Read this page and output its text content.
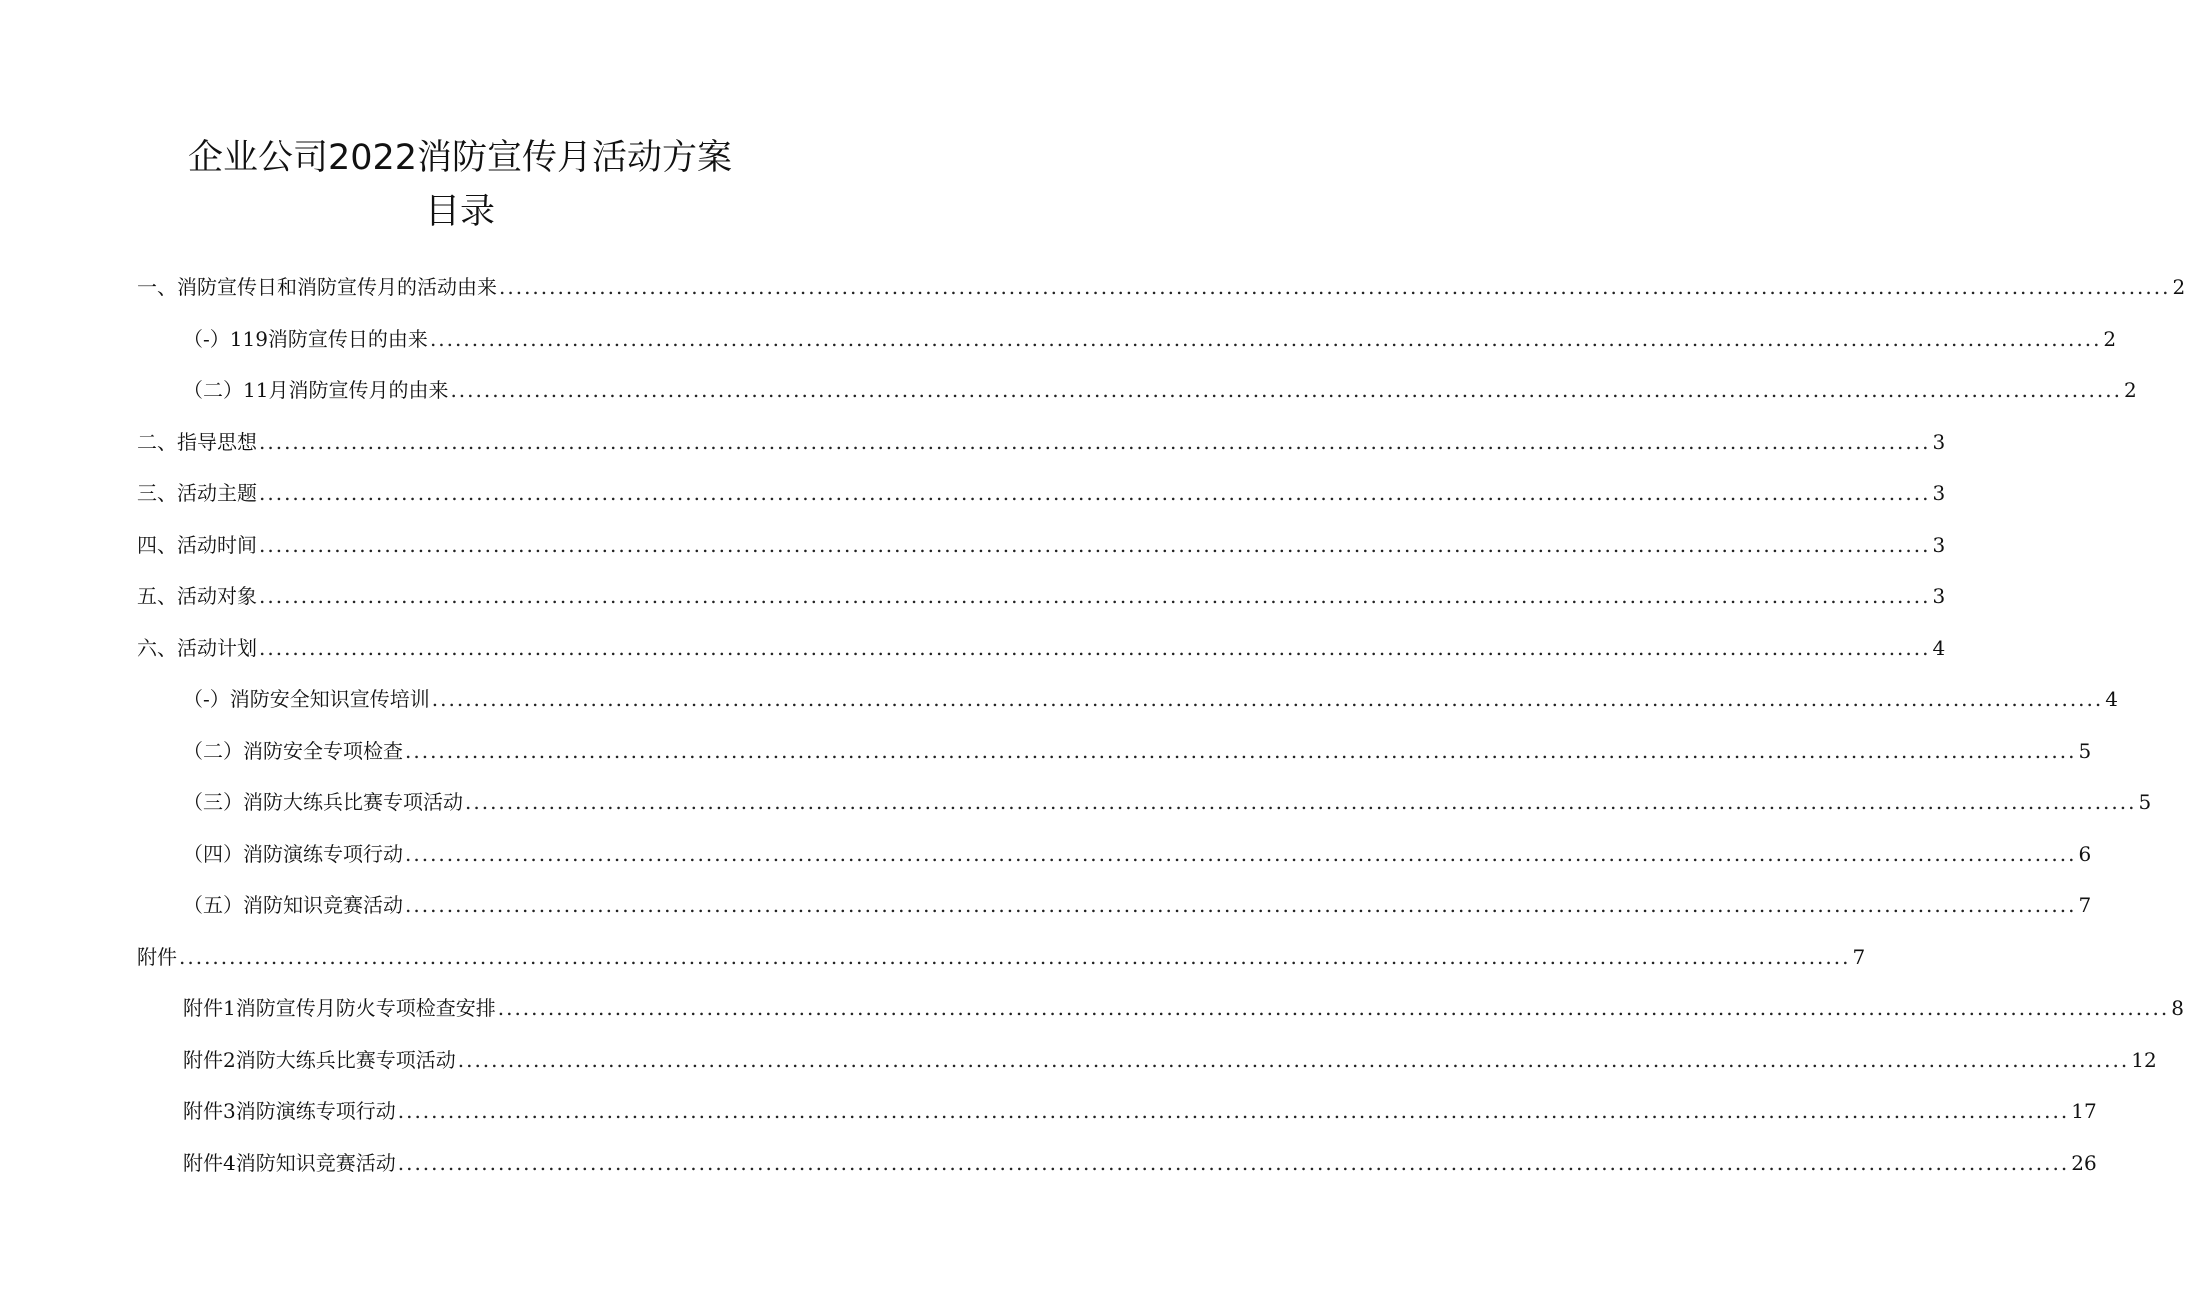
企业公司2022消防宣传月活动方案
目录
一、消防宣传日和消防宣传月的活动由来 ........................................................................................................................................................................................................ 2
（-）119消防宣传日的由来 ........................................................................................................................................................................................................ 2
（二）11月消防宣传月的由来 ........................................................................................................................................................................................................ 2
二、指导思想 ........................................................................................................................................................................................................ 3
三、活动主题 ........................................................................................................................................................................................................ 3
四、活动时间 ........................................................................................................................................................................................................ 3
五、活动对象 ........................................................................................................................................................................................................ 3
六、活动计划 ........................................................................................................................................................................................................ 4
（-）消防安全知识宣传培训 ........................................................................................................................................................................................................ 4
（二）消防安全专项检查 ........................................................................................................................................................................................................ 5
（三）消防大练兵比赛专项活动 ........................................................................................................................................................................................................ 5
（四）消防演练专项行动 ........................................................................................................................................................................................................ 6
（五）消防知识竞赛活动 ........................................................................................................................................................................................................ 7
附件 ........................................................................................................................................................................................................ 7
附件1消防宣传月防火专项检查安排 ........................................................................................................................................................................................................ 8
附件2消防大练兵比赛专项活动 ........................................................................................................................................................................................................ 12
附件3消防演练专项行动 ........................................................................................................................................................................................................ 17
附件4消防知识竞赛活动 ........................................................................................................................................................................................................ 26
